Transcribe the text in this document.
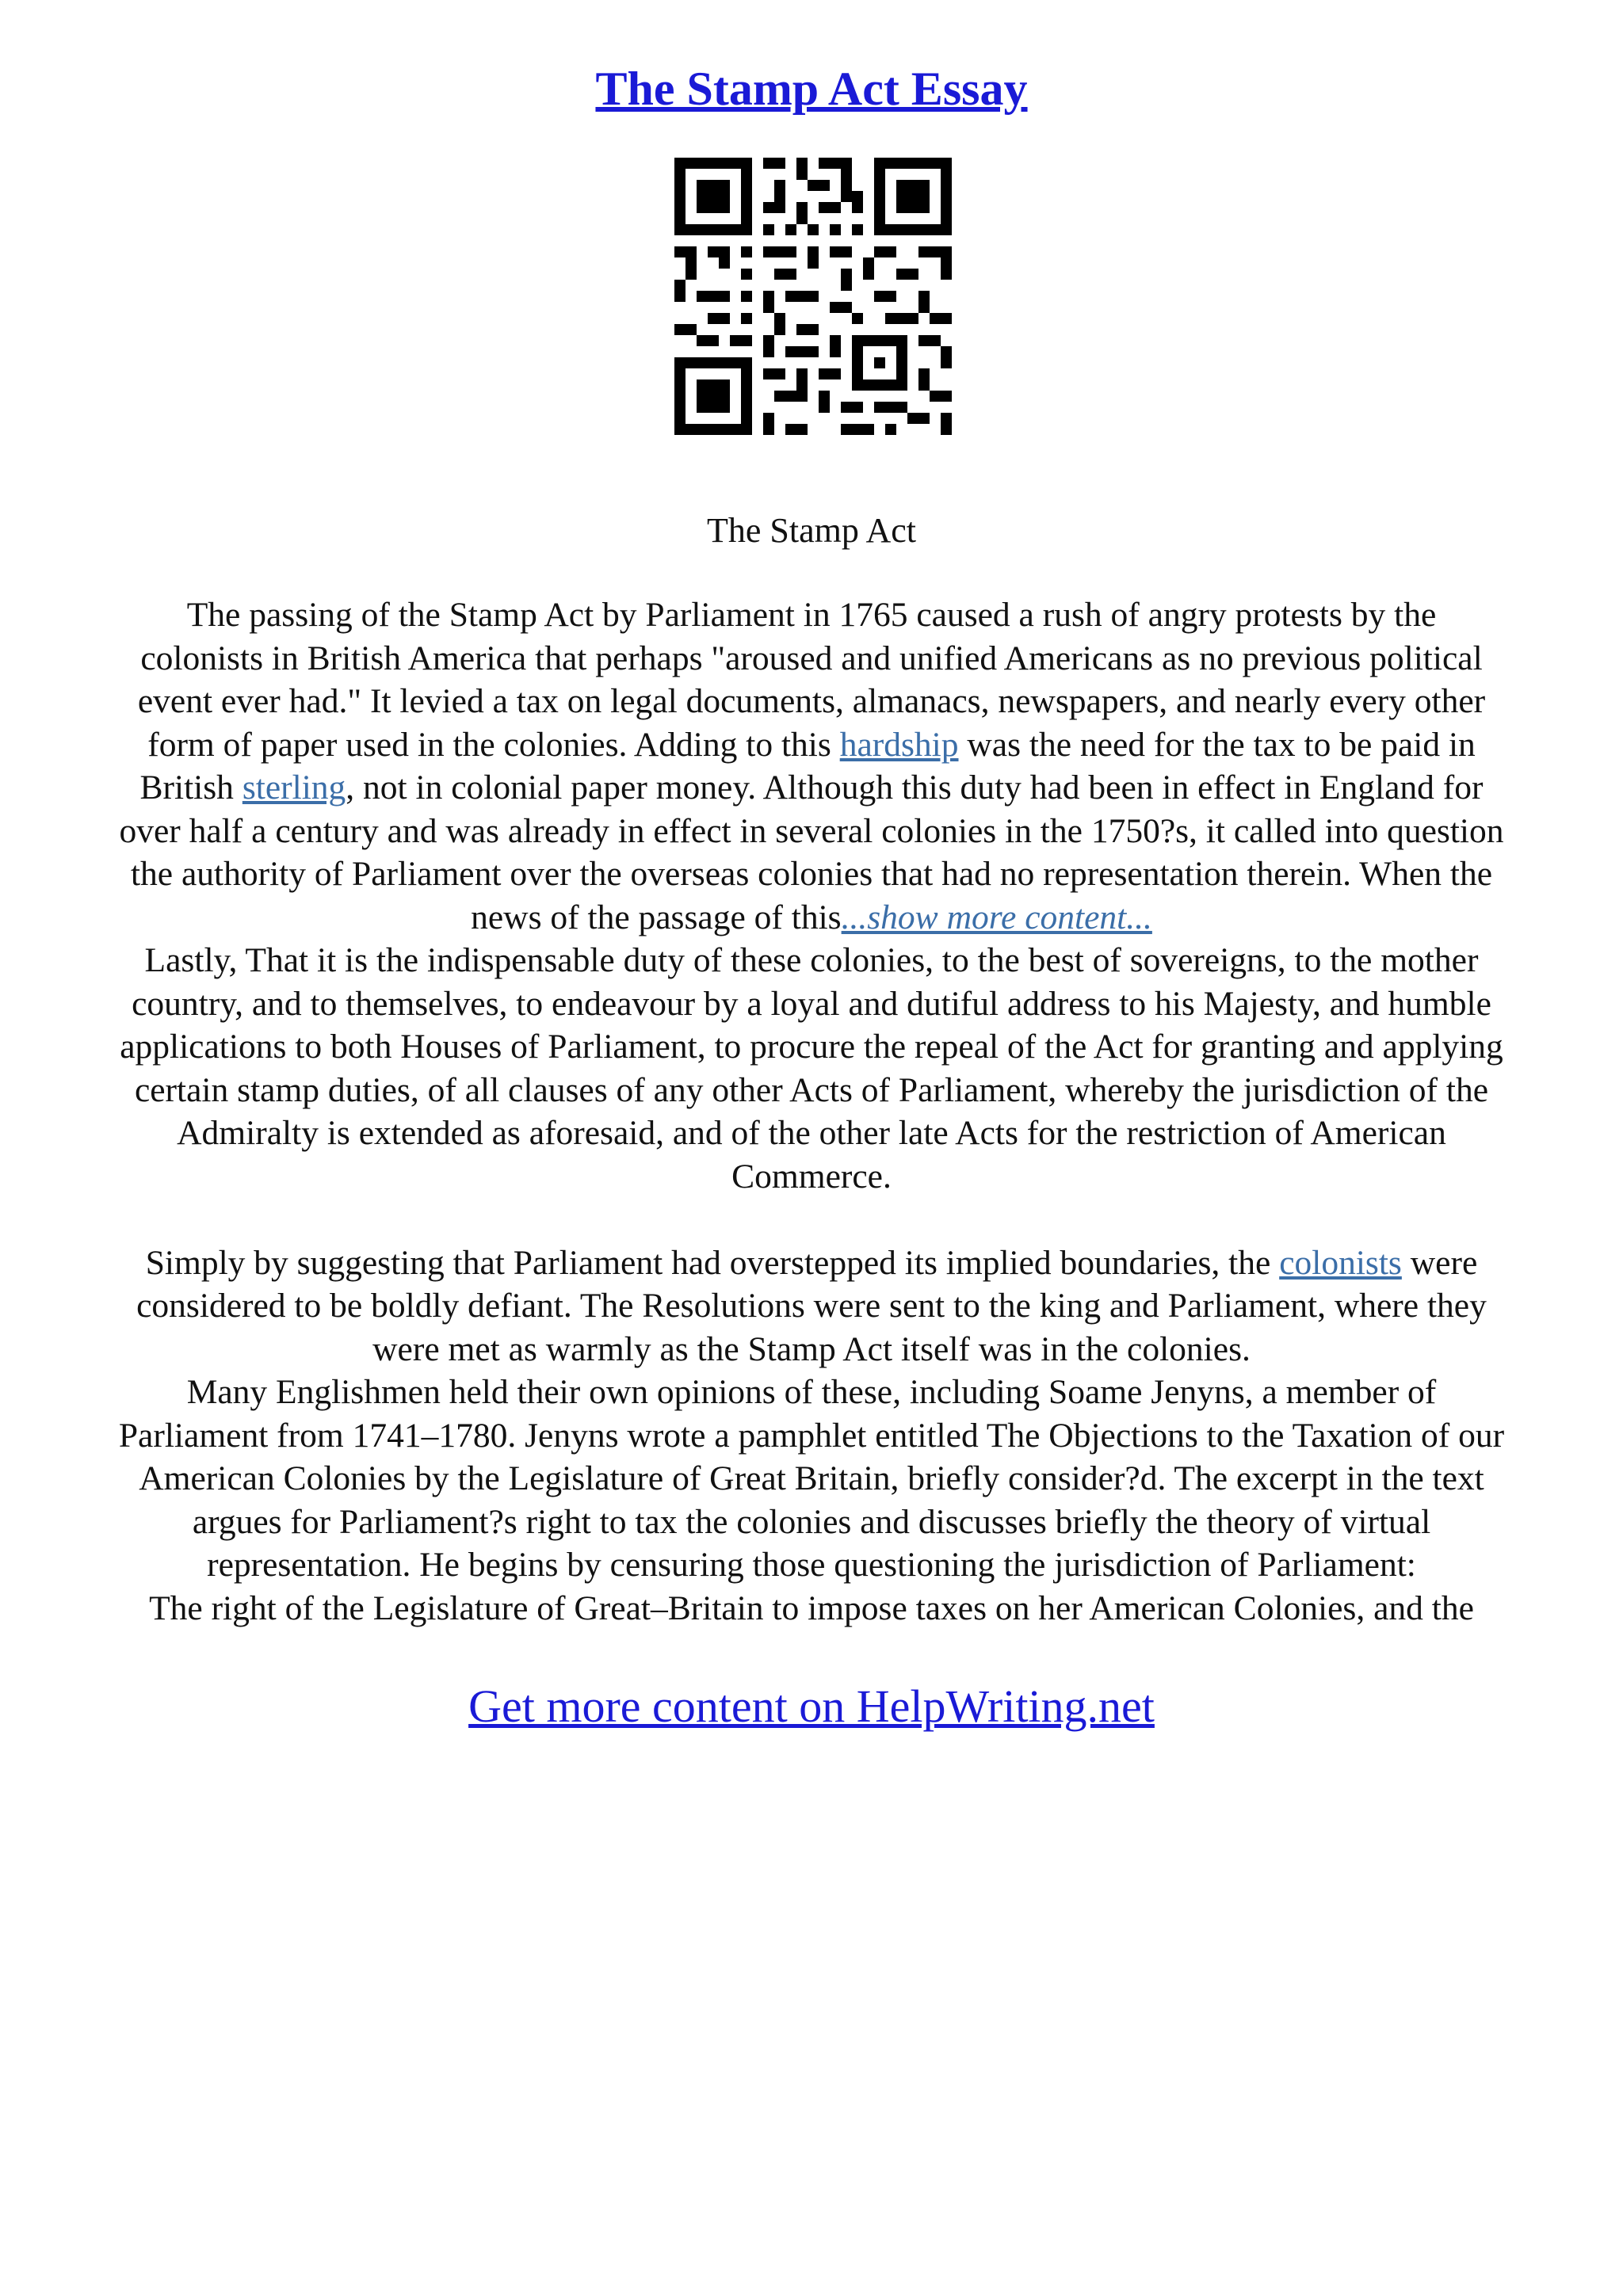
The Stamp Act Essay
The Stamp Act
The passing of the Stamp Act by Parliament in 1765 caused a rush of angry protests by the
colonists in British America that perhaps "aroused and unified Americans as no previous political
event ever had." It levied a tax on legal documents, almanacs, newspapers, and nearly every other
form of paper used in the colonies. Adding to this hardship was the need for the tax to be paid in
British sterling, not in colonial paper money. Although this duty had been in effect in England for
over half a century and was already in effect in several colonies in the 1750?s, it called into question
the authority of Parliament over the overseas colonies that had no representation therein. When the
news of the passage of this...show more content...
Lastly, That it is the indispensable duty of these colonies, to the best of sovereigns, to the mother
country, and to themselves, to endeavour by a loyal and dutiful address to his Majesty, and humble
applications to both Houses of Parliament, to procure the repeal of the Act for granting and applying
certain stamp duties, of all clauses of any other Acts of Parliament, whereby the jurisdiction of the
Admiralty is extended as aforesaid, and of the other late Acts for the restriction of American
Commerce.
Simply by suggesting that Parliament had overstepped its implied boundaries, the colonists were
considered to be boldly defiant. The Resolutions were sent to the king and Parliament, where they
were met as warmly as the Stamp Act itself was in the colonies.
Many Englishmen held their own opinions of these, including Soame Jenyns, a member of
Parliament from 1741–1780. Jenyns wrote a pamphlet entitled The Objections to the Taxation of our
American Colonies by the Legislature of Great Britain, briefly consider?d. The excerpt in the text
argues for Parliament?s right to tax the colonies and discusses briefly the theory of virtual
representation. He begins by censuring those questioning the jurisdiction of Parliament:
The right of the Legislature of Great–Britain to impose taxes on her American Colonies, and the
Get more content on HelpWriting.net
